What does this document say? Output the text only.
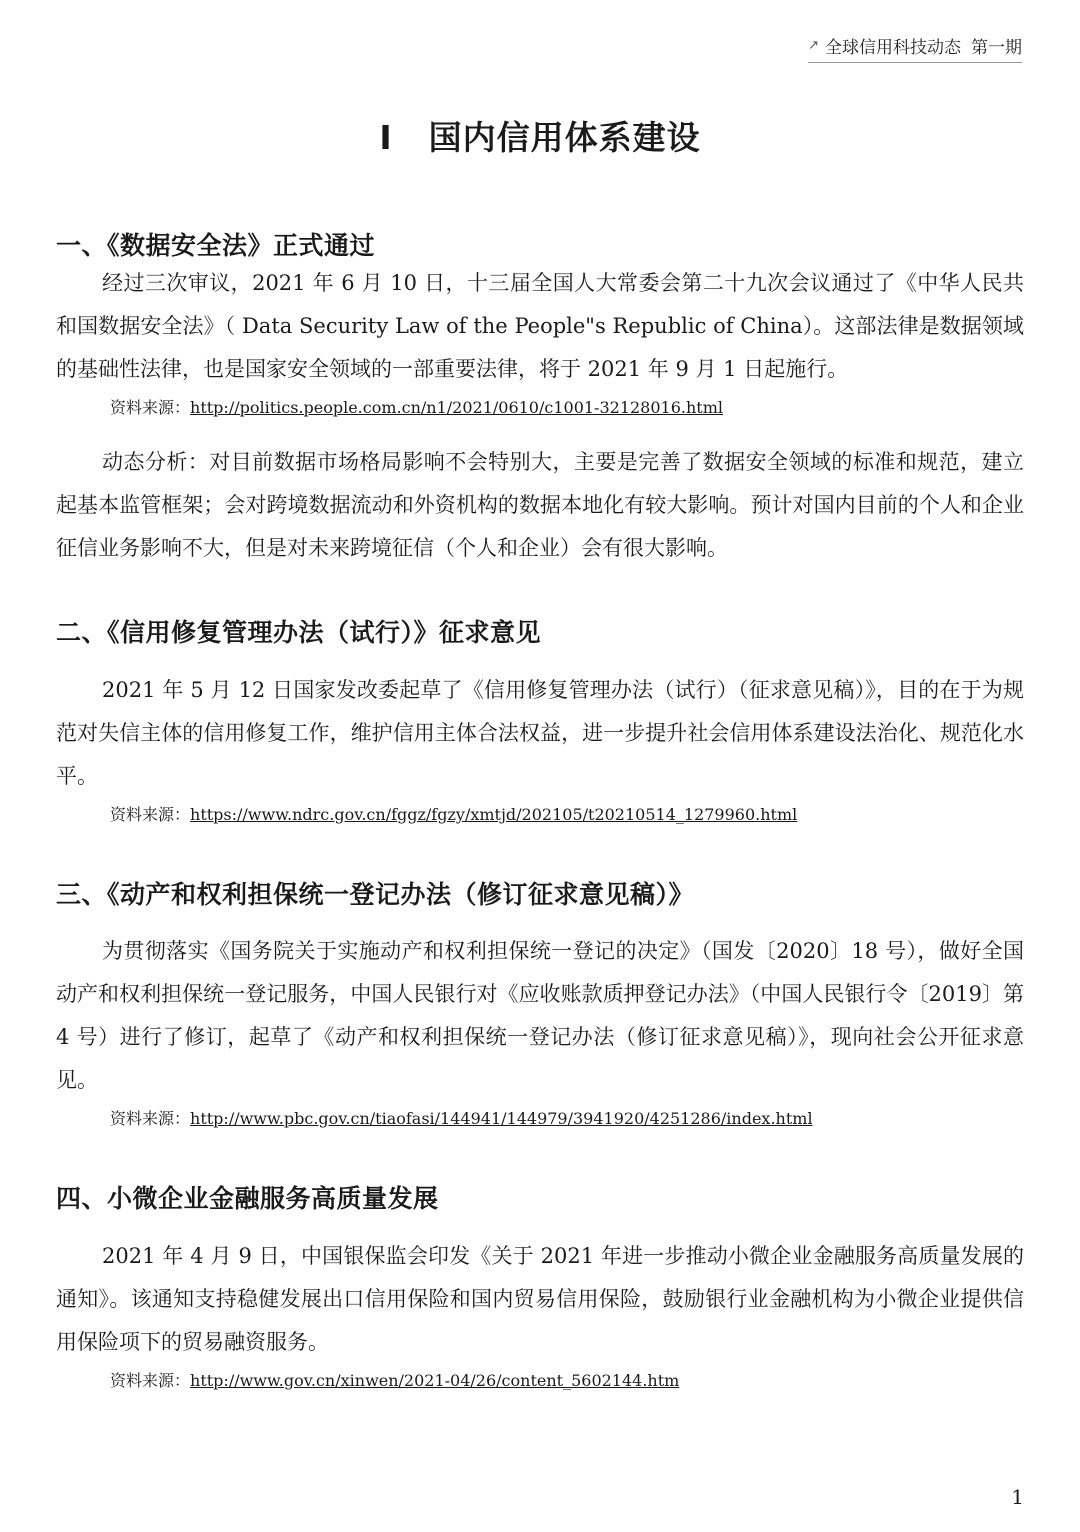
↗ 全球信用科技动态 第一期
I 国内信用体系建设
一、《数据安全法》正式通过

经过三次审议，2021 年 6 月 10 日，十三届全国人大常委会第二十九次会议通过了《中华人民共和国数据安全法》（ Data Security Law of the People"s Republic of China）。这部法律是数据领域的基础性法律，也是国家安全领域的一部重要法律，将于 2021 年 9 月 1 日起施行。

资料来源：http://politics.people.com.cn/n1/2021/0610/c1001-32128016.html

动态分析：对目前数据市场格局影响不会特别大，主要是完善了数据安全领域的标准和规范，建立起基本监管框架；会对跨境数据流动和外资机构的数据本地化有较大影响。预计对国内目前的个人和企业征信业务影响不大，但是对未来跨境征信（个人和企业）会有很大影响。

二、《信用修复管理办法（试行）》征求意见

2021 年 5 月 12 日国家发改委起草了《信用修复管理办法（试行）（征求意见稿）》，目的在于为规范对失信主体的信用修复工作，维护信用主体合法权益，进一步提升社会信用体系建设法治化、规范化水平。

资料来源：https://www.ndrc.gov.cn/fggz/fgzy/xmtjd/202105/t20210514_1279960.html
三、《动产和权利担保统一登记办法（修订征求意见稿）》

为贯彻落实《国务院关于实施动产和权利担保统一登记的决定》（国发〔2020〕18 号），做好全国动产和权利担保统一登记服务，中国人民银行对《应收账款质押登记办法》（中国人民银行令〔2019〕第 4 号）进行了修订，起草了《动产和权利担保统一登记办法（修订征求意见稿）》，现向社会公开征求意见。

资料来源：http://www.pbc.gov.cn/tiaofasi/144941/144979/3941920/4251286/index.html
四、小微企业金融服务高质量发展

2021 年 4 月 9 日，中国银保监会印发《关于 2021 年进一步推动小微企业金融服务高质量发展的通知》。该通知支持稳健发展出口信用保险和国内贸易信用保险，鼓励银行业金融机构为小微企业提供信用保险项下的贸易融资服务。

资料来源：http://www.gov.cn/xinwen/2021-04/26/content_5602144.htm
1
